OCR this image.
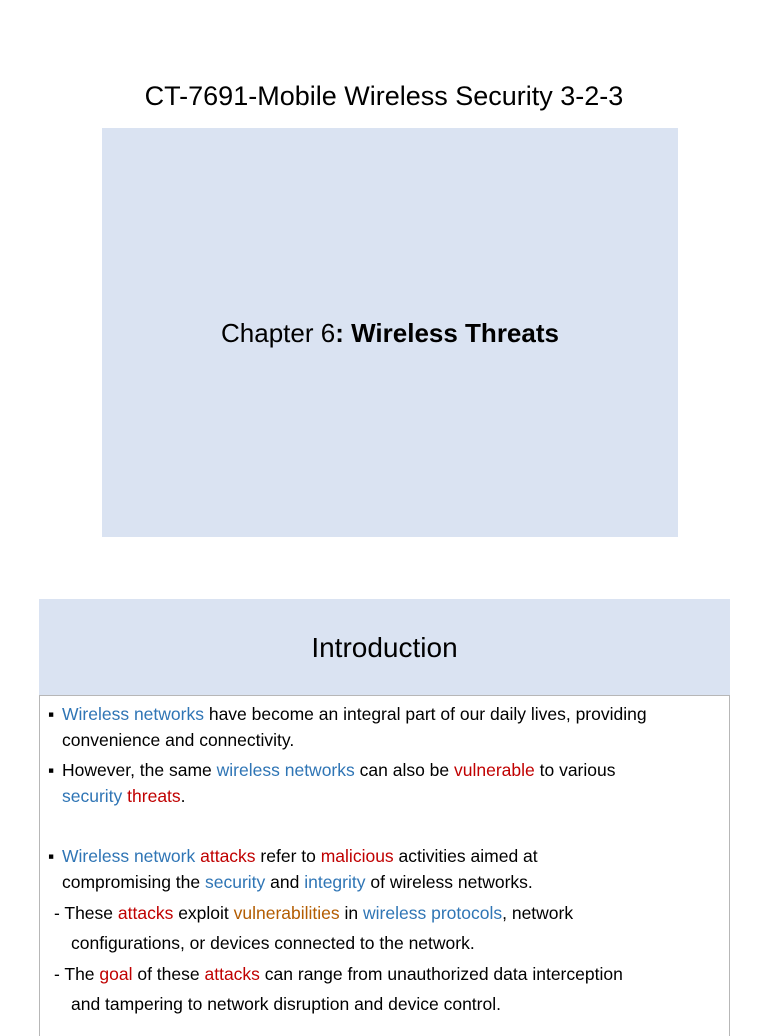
CT-7691-Mobile Wireless Security 3-2-3
Chapter 6: Wireless Threats
Introduction
▪ Wireless networks have become an integral part of our daily lives, providing
convenience and connectivity.
▪ However, the same wireless networks can also be vulnerable to various
security threats.
▪ Wireless network attacks refer to malicious activities aimed at
compromising the security and integrity of wireless networks.
- These attacks exploit vulnerabilities in wireless protocols, network
configurations, or devices connected to the network.
- The goal of these attacks can range from unauthorized data interception
and tampering to network disruption and device control.
